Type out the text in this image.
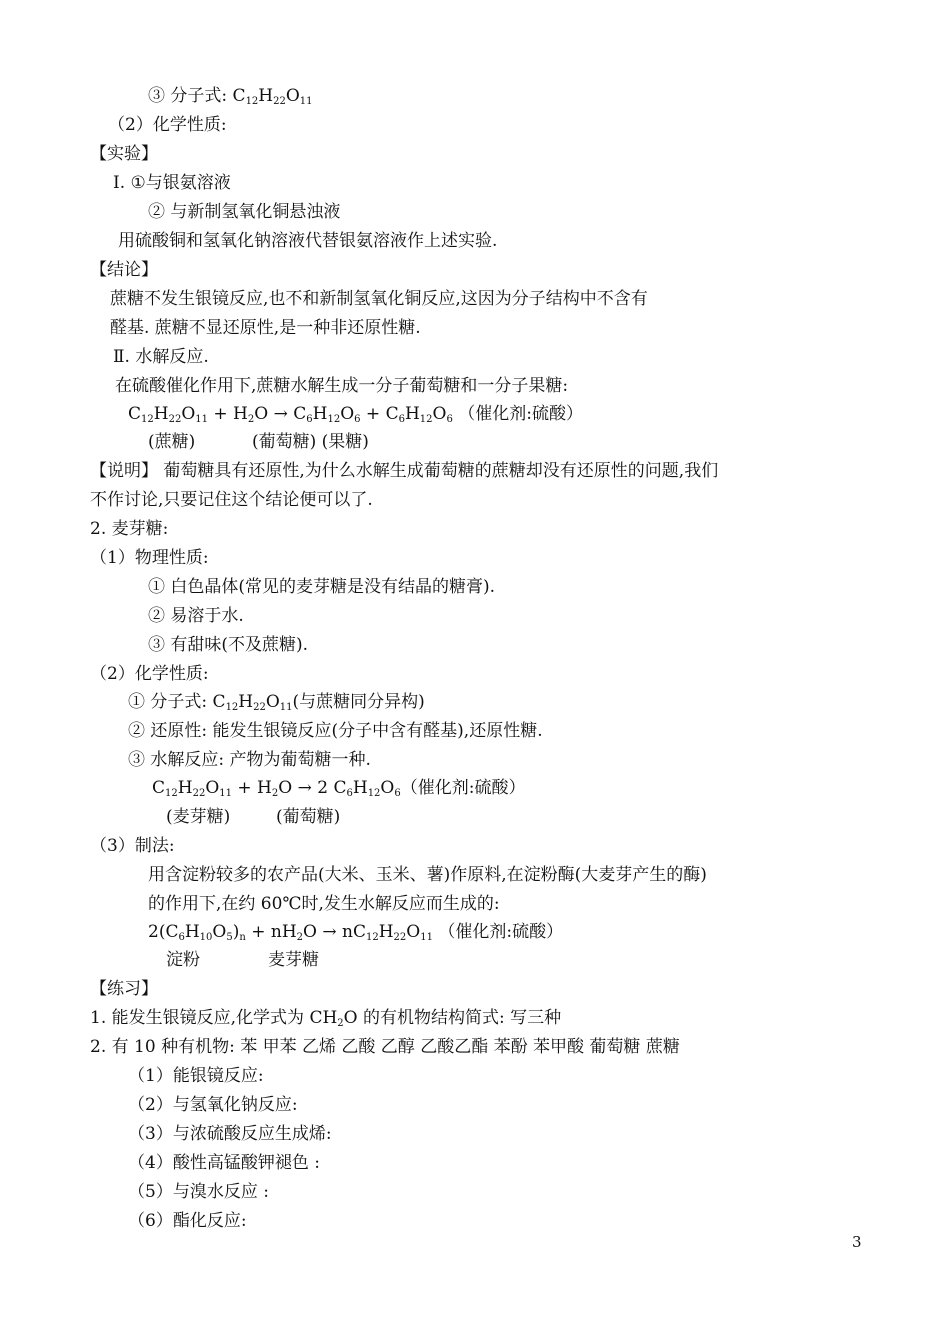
③ 分子式: $C_{12}H_{22}O_{11}$
（2）化学性质:
【实验】
Ⅰ. ①与银氨溶液
② 与新制氢氧化铜悬浊液
用硫酸铜和氢氧化钠溶液代替银氨溶液作上述实验.
【结论】
蔗糖不发生银镜反应,也不和新制氢氧化铜反应,这因为分子结构中不含有
醛基. 蔗糖不显还原性,是一种非还原性糖.
Ⅱ. 水解反应.
在硫酸催化作用下,蔗糖水解生成一分子葡萄糖和一分子果糖:
$C_{12}H_{22}O_{11} + H_2O \to C_6H_{12}O_6 + C_6H_{12}O_6$ （催化剂:硫酸）
(蔗糖)	(葡萄糖) (果糖)
【说明】 葡萄糖具有还原性,为什么水解生成葡萄糖的蔗糖却没有还原性的问题,我们
不作讨论,只要记住这个结论便可以了.
2. 麦芽糖:
（1）物理性质:
① 白色晶体(常见的麦芽糖是没有结晶的糖膏).
② 易溶于水.
③ 有甜味(不及蔗糖).
（2）化学性质:
① 分子式: $C_{12}H_{22}O_{11}$(与蔗糖同分异构)
② 还原性: 能发生银镜反应(分子中含有醛基),还原性糖.
③ 水解反应: 产物为葡萄糖一种.
$C_{12}H_{22}O_{11} + H_2O \to 2$ $C_6H_{12}O_6$（催化剂:硫酸）
(麦芽糖)	(葡萄糖)
（3）制法:
用含淀粉较多的农产品(大米、玉米、薯)作原料,在淀粉酶(大麦芽产生的酶)
的作用下,在约 60℃时,发生水解反应而生成的:
$2(C_6H_{10}O_5)_n + nH_2O \to nC_{12}H_{22}O_{11}$ （催化剂:硫酸）
淀粉	麦芽糖
【练习】
1. 能发生银镜反应,化学式为 $CH_2O$ 的有机物结构简式: 写三种
2. 有 10 种有机物: 苯 甲苯 乙烯 乙酸 乙醇 乙酸乙酯 苯酚 苯甲酸 葡萄糖 蔗糖
（1）能银镜反应:
（2）与氢氧化钠反应:
（3）与浓硫酸反应生成烯:
（4）酸性高锰酸钾褪色 :
（5）与溴水反应 :
（6）酯化反应:
3
